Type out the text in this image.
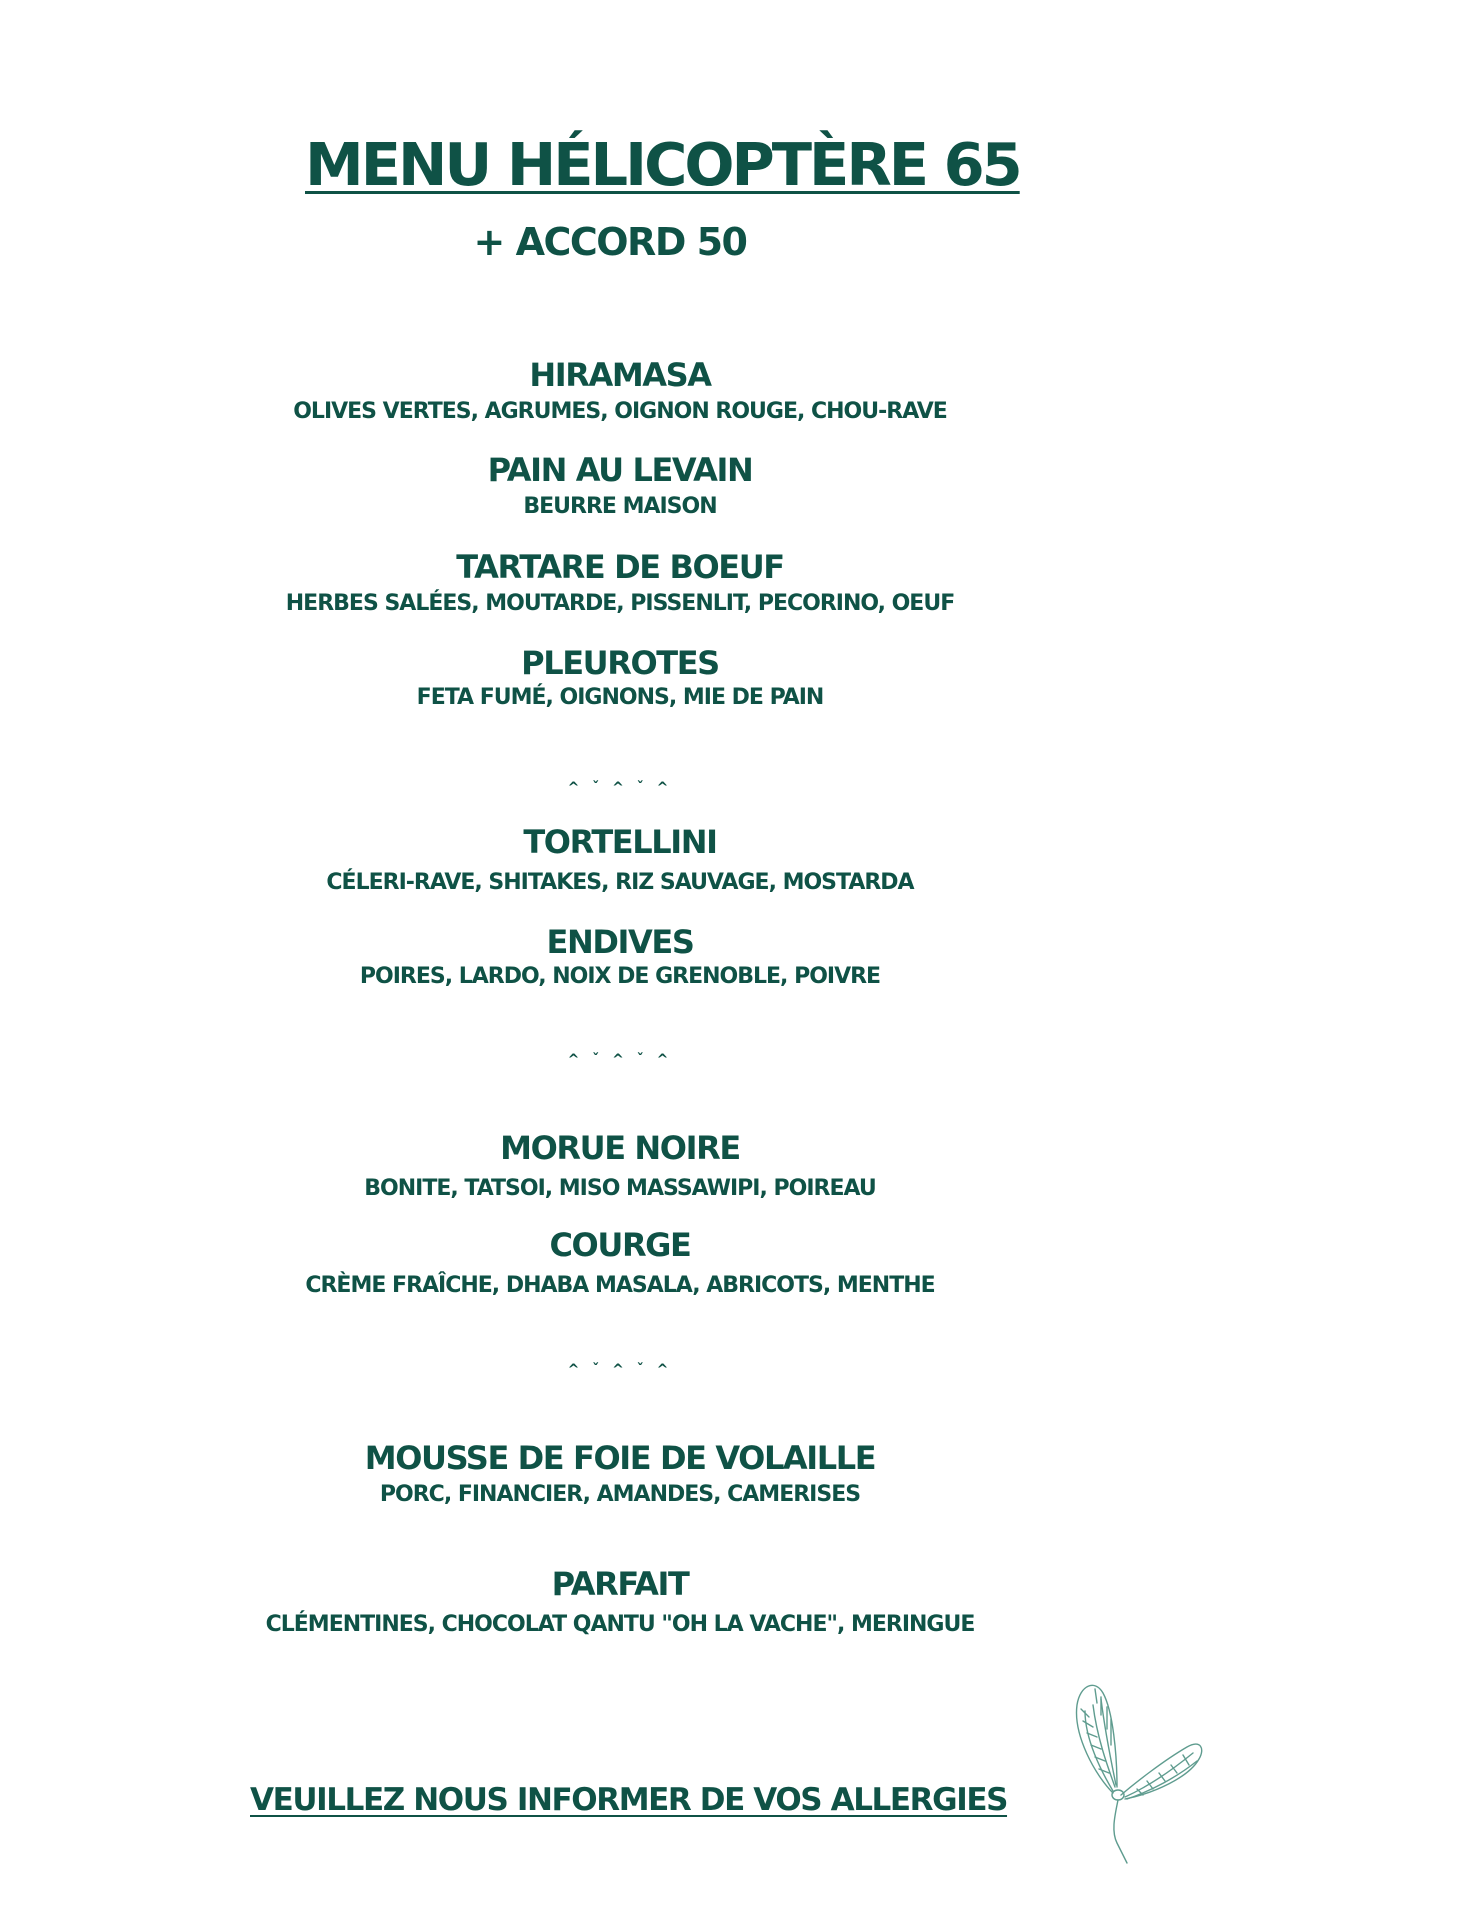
MENU HÉLICOPTÈRE 65
+ ACCORD 50
HIRAMASA
OLIVES VERTES, AGRUMES, OIGNON ROUGE, CHOU-RAVE
PAIN AU LEVAIN
BEURRE MAISON
TARTARE DE BOEUF
HERBES SALÉES, MOUTARDE, PISSENLIT, PECORINO, OEUF
PLEUROTES
FETA FUMÉ, OIGNONS, MIE DE PAIN
^ ˇ ^ ˇ ^
TORTELLINI
CÉLERI-RAVE, SHITAKES, RIZ SAUVAGE, MOSTARDA
ENDIVES
POIRES, LARDO, NOIX DE GRENOBLE, POIVRE
^ ˇ ^ ˇ ^
MORUE NOIRE
BONITE, TATSOI, MISO MASSAWIPI, POIREAU
COURGE
CRÈME FRAÎCHE, DHABA MASALA, ABRICOTS, MENTHE
^ ˇ ^ ˇ ^
MOUSSE DE FOIE DE VOLAILLE
PORC, FINANCIER, AMANDES, CAMERISES
PARFAIT
CLÉMENTINES, CHOCOLAT QANTU "OH LA VACHE", MERINGUE
VEUILLEZ NOUS INFORMER DE VOS ALLERGIES
